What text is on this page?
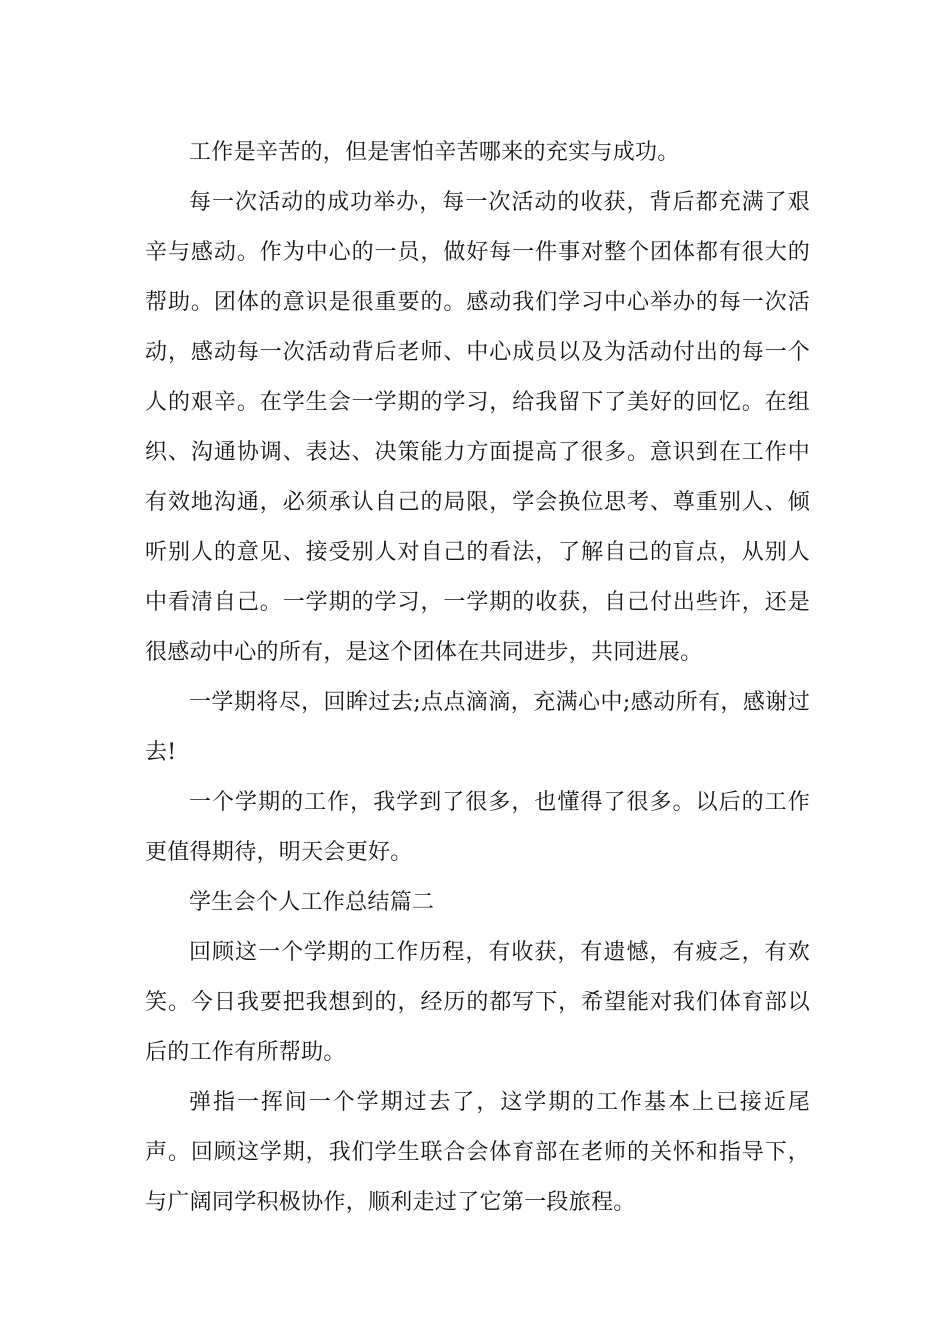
工作是辛苦的，但是害怕辛苦哪来的充实与成功。

每一次活动的成功举办，每一次活动的收获，背后都充满了艰辛与感动。作为中心的一员，做好每一件事对整个团体都有很大的帮助。团体的意识是很重要的。感动我们学习中心举办的每一次活动，感动每一次活动背后老师、中心成员以及为活动付出的每一个人的艰辛。在学生会一学期的学习，给我留下了美好的回忆。在组织、沟通协调、表达、决策能力方面提高了很多。意识到在工作中有效地沟通，必须承认自己的局限，学会换位思考、尊重别人、倾听别人的意见、接受别人对自己的看法，了解自己的盲点，从别人中看清自己。一学期的学习，一学期的收获，自己付出些许，还是很感动中心的所有，是这个团体在共同进步，共同进展。

一学期将尽，回眸过去;点点滴滴，充满心中;感动所有，感谢过去!

一个学期的工作，我学到了很多，也懂得了很多。以后的工作更值得期待，明天会更好。

学生会个人工作总结篇二

回顾这一个学期的工作历程，有收获，有遗憾，有疲乏，有欢笑。今日我要把我想到的，经历的都写下，希望能对我们体育部以后的工作有所帮助。

弹指一挥间一个学期过去了，这学期的工作基本上已接近尾声。回顾这学期，我们学生联合会体育部在老师的关怀和指导下，与广阔同学积极协作，顺利走过了它第一段旅程。
